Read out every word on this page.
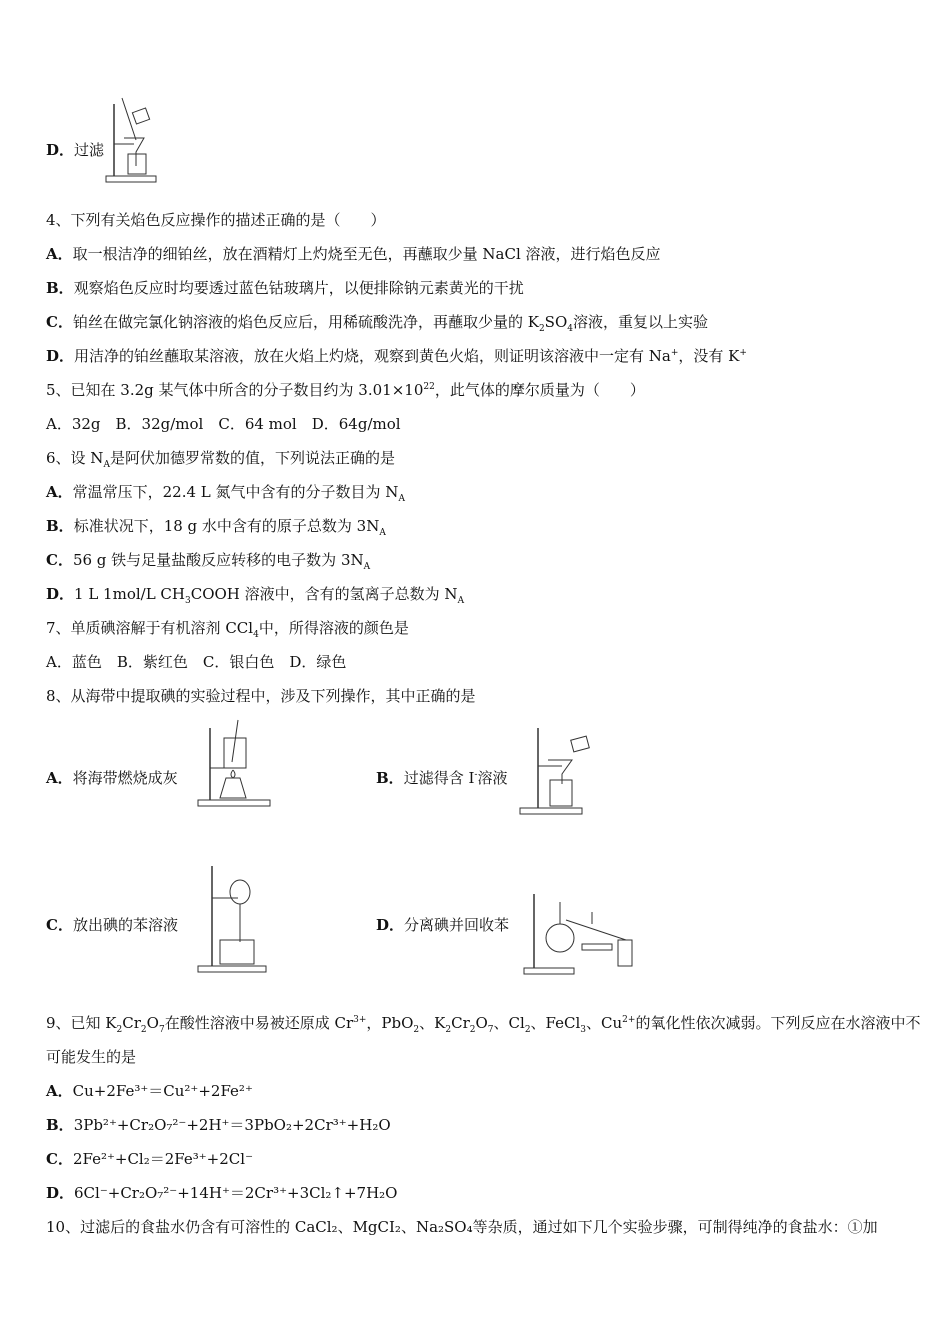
D．过滤
4、下列有关焰色反应操作的描述正确的是（　　）
A．取一根洁净的细铂丝，放在酒精灯上灼烧至无色，再蘸取少量 NaCl 溶液，进行焰色反应
B．观察焰色反应时均要透过蓝色钴玻璃片，以便排除钠元素黄光的干扰
C．铂丝在做完氯化钠溶液的焰色反应后，用稀硫酸洗净，再蘸取少量的 $K_2SO_4$溶液，重复以上实验
D．用洁净的铂丝蘸取某溶液，放在火焰上灼烧，观察到黄色火焰，则证明该溶液中一定有 Na+，没有 K+
5、已知在 3.2g 某气体中所含的分子数目约为 $3.01\times 10^{22}$，此气体的摩尔质量为（　　）
A．32g　B．32g/mol　C．64 mol　D．64g/mol
6、设 $N_A$是阿伏加德罗常数的值，下列说法正确的是
A．常温常压下，22.4 L 氮气中含有的分子数目为 $N_A$
B．标准状况下，18 g 水中含有的原子总数为 $3N_A$
C．56 g 铁与足量盐酸反应转移的电子数为 $3N_A$
D．1 L 1mol/L $CH_3COOH$ 溶液中，含有的氢离子总数为 $N_A$
7、单质碘溶解于有机溶剂 CCl$_4$中，所得溶液的颜色是
A．蓝色　B．紫红色　C．银白色　D．绿色
8、从海带中提取碘的实验过程中，涉及下列操作，其中正确的是
A．将海带燃烧成灰	B．过滤得含 I-溶液
C．放出碘的苯溶液	D．分离碘并回收苯
9、已知 $K_2Cr_2O_7$在酸性溶液中易被还原成 $Cr^{3+}$，PbO$_2$、$K_2Cr_2O_7$、$Cl_2$、FeCl$_3$、$Cu^{2+}$的氧化性依次减弱。下列反应在水溶液中不
可能发生的是
A．Cu+2Fe³⁺＝Cu²⁺+2Fe²⁺
B．3Pb²⁺+Cr₂O₇²⁻+2H⁺＝3PbO₂+2Cr³⁺+H₂O
C．2Fe²⁺+Cl₂＝2Fe³⁺+2Cl⁻
D．6Cl⁻+Cr₂O₇²⁻+14H⁺＝2Cr³⁺+3Cl₂↑+7H₂O
10、过滤后的食盐水仍含有可溶性的 CaCl₂、MgCI₂、Na₂SO₄等杂质，通过如下几个实验步骤，可制得纯净的食盐水：①加
